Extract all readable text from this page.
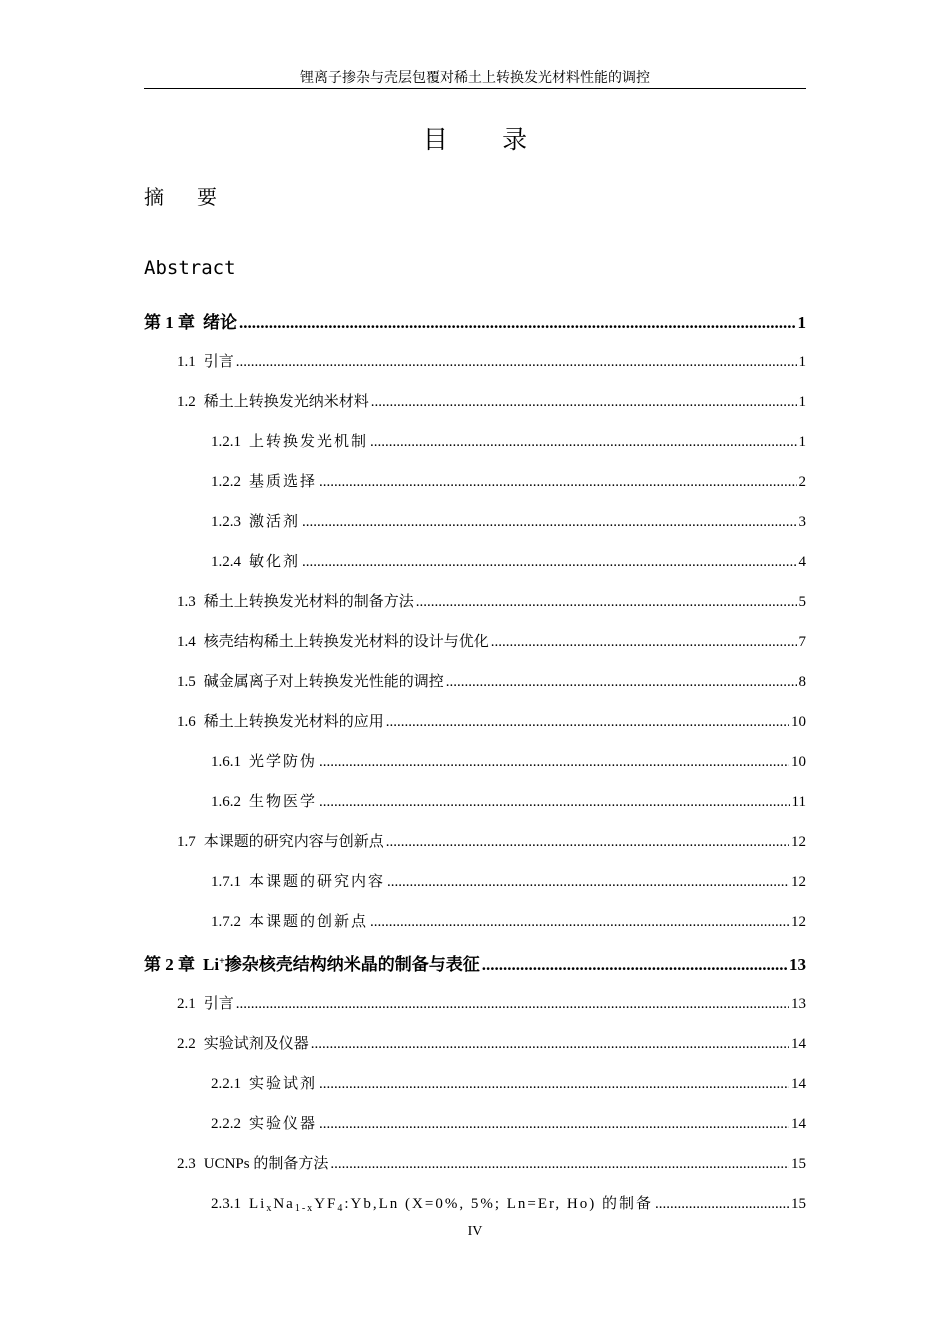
锂离子掺杂与壳层包覆对稀土上转换发光材料性能的调控
目 录
摘 要
Abstract
第 1 章 绪论 .....	1
1.1 引言 .....	1
1.2 稀土上转换发光纳米材料 .....	1
1.2.1 上转换发光机制 .....	1
1.2.2 基质选择 .....	2
1.2.3 激活剂 .....	3
1.2.4 敏化剂 .....	4
1.3 稀土上转换发光材料的制备方法 .....	5
1.4 核壳结构稀土上转换发光材料的设计与优化 .....	7
1.5 碱金属离子对上转换发光性能的调控 .....	8
1.6 稀土上转换发光材料的应用 .....	10
1.6.1 光学防伪 .....	10
1.6.2 生物医学 .....	11
1.7 本课题的研究内容与创新点 .....	12
1.7.1 本课题的研究内容 .....	12
1.7.2 本课题的创新点 .....	12
第 2 章 Li+掺杂核壳结构纳米晶的制备与表征 .....	13
2.1 引言 .....	13
2.2 实验试剂及仪器 .....	14
2.2.1 实验试剂 .....	14
2.2.2 实验仪器 .....	14
2.3 UCNPs 的制备方法 .....	15
2.3.1 $Li_xNa_{1-x}YF_4:Yb,Ln$ (X=0%, 5%; Ln=Er, Ho) 的制备 .....	15
IV
